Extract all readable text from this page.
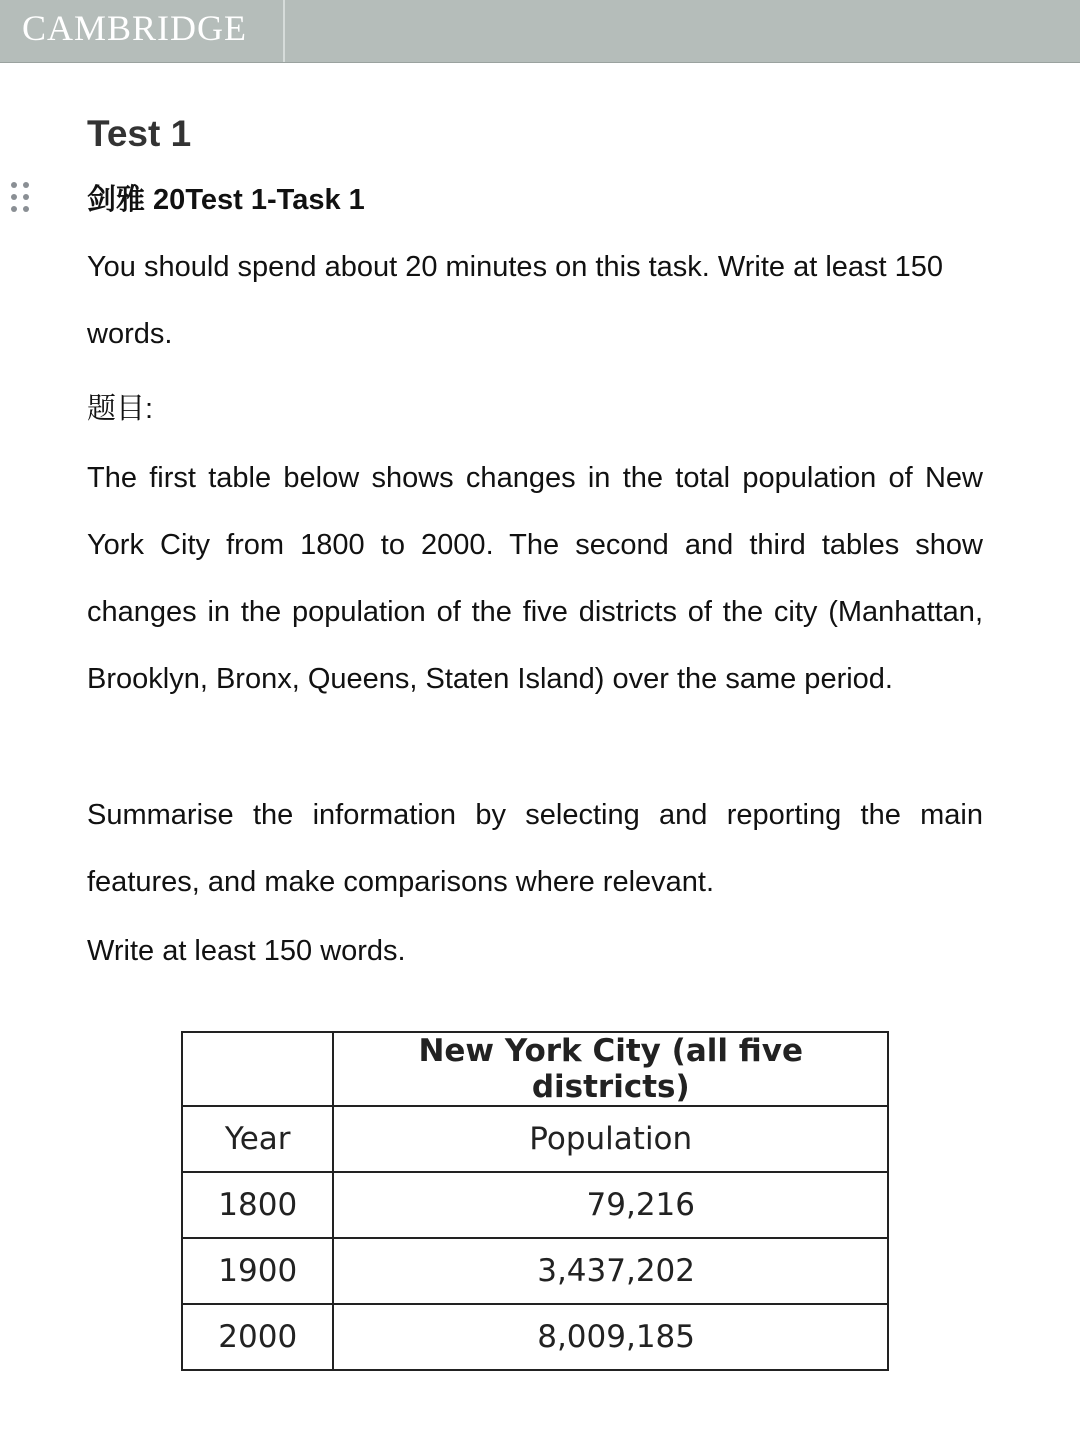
CAMBRIDGE
Test 1
剑雅 20Test 1-Task 1

You should spend about 20 minutes on this task. Write at least 150 words.

题目:

The first table below shows changes in the total population of New York City from 1800 to 2000. The second and third tables show changes in the population of the five districts of the city (Manhattan, Brooklyn, Bronx, Queens, Staten Island) over the same period.

Summarise the information by selecting and reporting the main features, and make comparisons where relevant.

Write at least 150 words.

	New York City (all five districts)
Year	Population
1800	79,216
1900	3,437,202
2000	8,009,185
